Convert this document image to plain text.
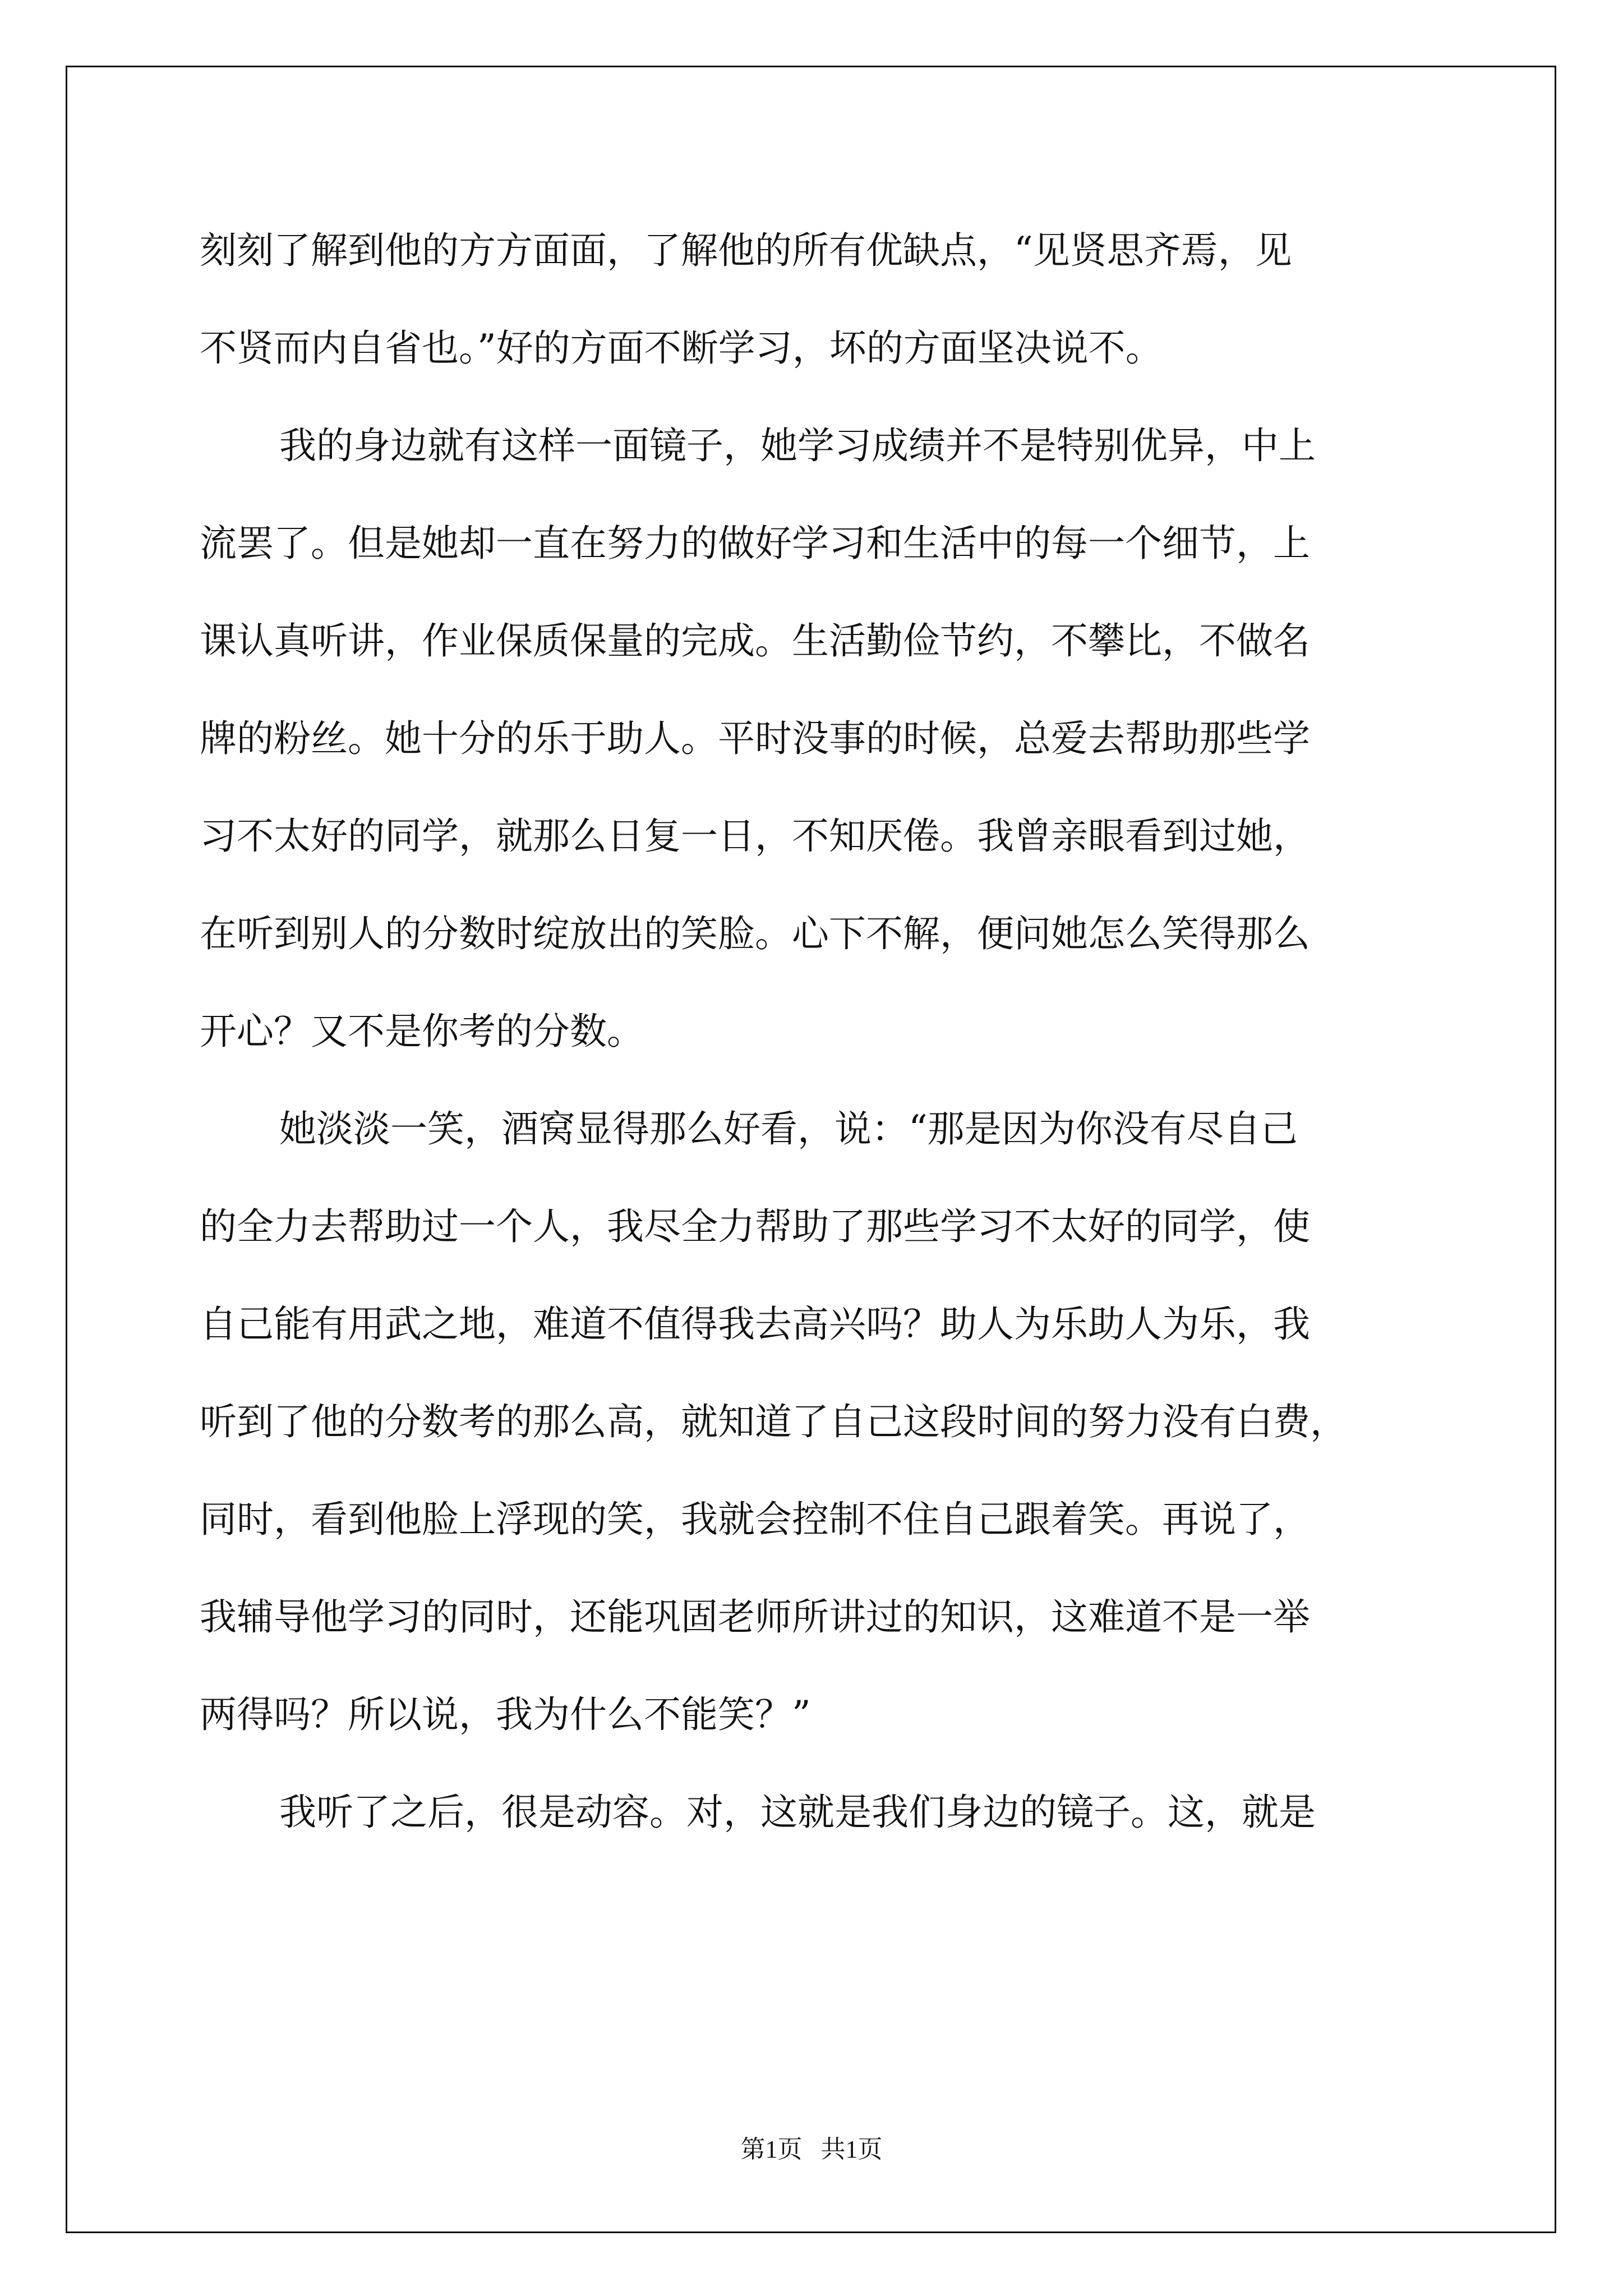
刻刻了解到他的方方面面，了解他的所有优缺点，“见贤思齐焉，见
不贤而内自省也。”好的方面不断学习，坏的方面坚决说不。
我的身边就有这样一面镜子，她学习成绩并不是特别优异，中上
流罢了。但是她却一直在努力的做好学习和生活中的每一个细节，上
课认真听讲，作业保质保量的完成。生活勤俭节约，不攀比，不做名
牌的粉丝。她十分的乐于助人。平时没事的时候，总爱去帮助那些学
习不太好的同学，就那么日复一日，不知厌倦。我曾亲眼看到过她，
在听到别人的分数时绽放出的笑脸。心下不解，便问她怎么笑得那么
开心？又不是你考的分数。
她淡淡一笑，酒窝显得那么好看，说：“那是因为你没有尽自己
的全力去帮助过一个人，我尽全力帮助了那些学习不太好的同学，使
自己能有用武之地，难道不值得我去高兴吗？助人为乐助人为乐，我
听到了他的分数考的那么高，就知道了自己这段时间的努力没有白费，
同时，看到他脸上浮现的笑，我就会控制不住自己跟着笑。再说了，
我辅导他学习的同时，还能巩固老师所讲过的知识，这难道不是一举
两得吗？所以说，我为什么不能笑？”
我听了之后，很是动容。对，这就是我们身边的镜子。这，就是
第1页   共1页
